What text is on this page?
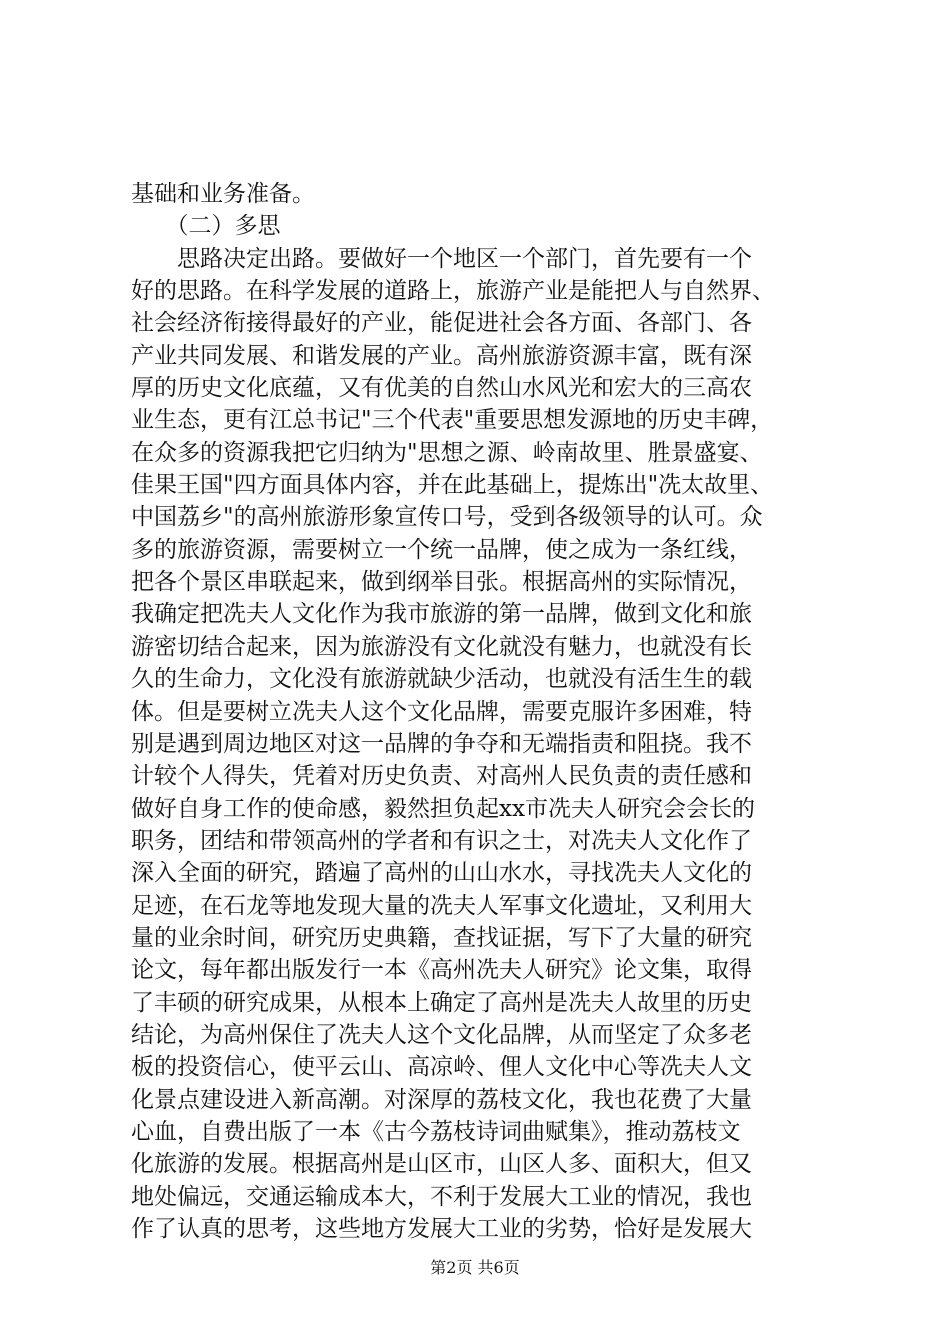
基础和业务准备。
　　（二）多思
　　思路决定出路。要做好一个地区一个部门，首先要有一个
好的思路。在科学发展的道路上，旅游产业是能把人与自然界、
社会经济衔接得最好的产业，能促进社会各方面、各部门、各
产业共同发展、和谐发展的产业。高州旅游资源丰富，既有深
厚的历史文化底蕴，又有优美的自然山水风光和宏大的三高农
业生态，更有江总书记"三个代表"重要思想发源地的历史丰碑，
在众多的资源我把它归纳为"思想之源、岭南故里、胜景盛宴、
佳果王国"四方面具体内容，并在此基础上，提炼出"冼太故里、
中国荔乡"的高州旅游形象宣传口号，受到各级领导的认可。众
多的旅游资源，需要树立一个统一品牌，使之成为一条红线，
把各个景区串联起来，做到纲举目张。根据高州的实际情况，
我确定把冼夫人文化作为我市旅游的第一品牌，做到文化和旅
游密切结合起来，因为旅游没有文化就没有魅力，也就没有长
久的生命力，文化没有旅游就缺少活动，也就没有活生生的载
体。但是要树立冼夫人这个文化品牌，需要克服许多困难，特
别是遇到周边地区对这一品牌的争夺和无端指责和阻挠。我不
计较个人得失，凭着对历史负责、对高州人民负责的责任感和
做好自身工作的使命感，毅然担负起xx市冼夫人研究会会长的
职务，团结和带领高州的学者和有识之士，对冼夫人文化作了
深入全面的研究，踏遍了高州的山山水水，寻找冼夫人文化的
足迹，在石龙等地发现大量的冼夫人军事文化遗址，又利用大
量的业余时间，研究历史典籍，查找证据，写下了大量的研究
论文，每年都出版发行一本《高州冼夫人研究》论文集，取得
了丰硕的研究成果，从根本上确定了高州是冼夫人故里的历史
结论，为高州保住了冼夫人这个文化品牌，从而坚定了众多老
板的投资信心，使平云山、高凉岭、俚人文化中心等冼夫人文
化景点建设进入新高潮。对深厚的荔枝文化，我也花费了大量
心血，自费出版了一本《古今荔枝诗词曲赋集》，推动荔枝文
化旅游的发展。根据高州是山区市，山区人多、面积大，但又
地处偏远，交通运输成本大，不利于发展大工业的情况，我也
作了认真的思考，这些地方发展大工业的劣势，恰好是发展大
第2页 共6页
